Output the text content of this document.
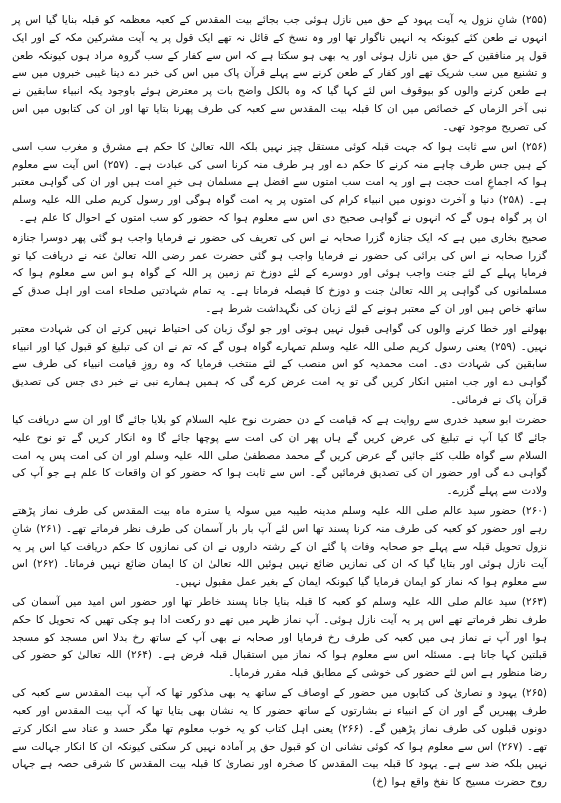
(۲۵۵) شانِ نزول یہ آیت یہود کے حق میں نازل ہوئی جب بجائے بیت المقدس کے کعبہ معظمہ کو قبلہ بنایا گیا اس پر انہوں نے طعن کئے کیونکہ یہ انہیں ناگوار تھا اور وہ نسخ کے قائل نہ تھے ایک قول پر یہ آیت مشرکین مکہ کے اور ایک قول پر منافقین کے حق میں نازل ہوئی اور یہ بھی ہو سکتا ہے کہ اس سے کفار کے سب گروہ مراد ہوں کیونکہ طعن و تشنیع میں سب شریک تھے اور کفار کے طعن کرنے سے پہلے قرآن پاک میں اس کی خبر دے دینا غیبی خبروں میں سے ہے طعن کرنے والوں کو بیوقوف اس لئے کہا گیا کہ وہ بالکل واضح بات پر معترض ہوئے باوجود یکہ انبیاء سابقین نے نبی آخر الزماں کے خصائص میں ان کا قبلہ بیت المقدس سے کعبہ کی طرف پھرنا بتایا تھا اور ان کی کتابوں میں اس کی تصریح موجود تھی۔

(۲۵۶) اس سے ثابت ہوا کہ جہت قبلہ کوئی مستقل چیز نہیں بلکہ اللہ تعالیٰ کا حکم ہے مشرق و مغرب سب اسی کے ہیں جس طرف چاہے منہ کرنے کا حکم دے اور ہر طرف منہ کرنا اسی کی عبادت ہے۔ (۲۵۷) اس آیت سے معلوم ہوا کہ اجماعِ امت حجت ہے اور یہ امت سب امتوں سے افضل ہے مسلمان ہی خیرِ امت ہیں اور ان کی گواہی معتبر ہے۔ (۲۵۸) دنیا و آخرت دونوں میں انبیاء کرام کی امتوں پر یہ امت گواہ ہوگی اور رسول کریم صلی اللہ علیہ وسلم ان پر گواہ ہوں گے کہ انہوں نے گواہی صحیح دی اس سے معلوم ہوا کہ حضور کو سب امتوں کے احوال کا علم ہے۔

صحیح بخاری میں ہے کہ ایک جنازہ گزرا صحابہ نے اس کی تعریف کی حضور نے فرمایا واجب ہو گئی پھر دوسرا جنازہ گزرا صحابہ نے اس کی برائی کی حضور نے فرمایا واجب ہو گئی حضرت عمر رضی اللہ تعالیٰ عنہ نے دریافت کیا تو فرمایا پہلے کے لئے جنت واجب ہوئی اور دوسرے کے لئے دوزخ تم زمین پر اللہ کے گواہ ہو اس سے معلوم ہوا کہ مسلمانوں کی گواہی پر اللہ تعالیٰ جنت و دوزخ کا فیصلہ فرماتا ہے۔ یہ تمام شہادتیں صلحاء امت اور اہل صدق کے ساتھ خاص ہیں اور ان کے معتبر ہونے کے لئے زبان کی نگہداشت شرط ہے۔

بھولنے اور خطا کرنے والوں کی گواہی قبول نہیں ہوتی اور جو لوگ زبان کی احتیاط نہیں کرتے ان کی شہادت معتبر نہیں۔ (۲۵۹) یعنی رسول کریم صلی اللہ علیہ وسلم تمہارے گواہ ہوں گے کہ تم نے ان کی تبلیغ کو قبول کیا اور انبیاء سابقین کی شہادت دی۔ امت محمدیہ کو اس منصب کے لئے منتخب فرمایا کہ وہ روزِ قیامت انبیاء کی طرف سے گواہی دے اور جب امتیں انکار کریں گی تو یہ امت عرض کرے گی کہ ہمیں ہمارے نبی نے خبر دی جس کی تصدیق قرآن پاک نے فرمائی۔

حضرت ابو سعید خدری سے روایت ہے کہ قیامت کے دن حضرت نوح علیہ السلام کو بلایا جائے گا اور ان سے دریافت کیا جائے گا کیا آپ نے تبلیغ کی عرض کریں گے ہاں پھر ان کی امت سے پوچھا جائے گا وہ انکار کریں گے تو نوح علیہ السلام سے گواہ طلب کئے جائیں گے عرض کریں گے محمد مصطفیٰ صلی اللہ علیہ وسلم اور ان کی امت پس یہ امت گواہی دے گی اور حضور ان کی تصدیق فرمائیں گے۔ اس سے ثابت ہوا کہ حضور کو ان واقعات کا علم ہے جو آپ کی ولادت سے پہلے گزرے۔

(۲۶۰) حضور سید عالم صلی اللہ علیہ وسلم مدینہ طیبہ میں سولہ یا سترہ ماہ بیت المقدس کی طرف نماز پڑھتے رہے اور حضور کو کعبہ کی طرف منہ کرنا پسند تھا اس لئے آپ بار بار آسمان کی طرف نظر فرماتے تھے۔ (۲۶۱) شانِ نزول تحویل قبلہ سے پہلے جو صحابہ وفات پا گئے ان کے رشتہ داروں نے ان کی نمازوں کا حکم دریافت کیا اس پر یہ آیت نازل ہوئی اور بتایا گیا کہ ان کی نمازیں ضائع نہیں ہوئیں اللہ تعالیٰ ان کا ایمان ضائع نہیں فرماتا۔ (۲۶۲) اس سے معلوم ہوا کہ نماز کو ایمان فرمایا گیا کیونکہ ایمان کے بغیر عمل مقبول نہیں۔

(۲۶۳) سید عالم صلی اللہ علیہ وسلم کو کعبہ کا قبلہ بنایا جانا پسند خاطر تھا اور حضور اس امید میں آسمان کی طرف نظر فرماتے تھے اس پر یہ آیت نازل ہوئی۔ آپ نماز ظہر میں تھے دو رکعت ادا ہو چکی تھیں کہ تحویل کا حکم ہوا اور آپ نے نماز ہی میں کعبہ کی طرف رخ فرمایا اور صحابہ نے بھی آپ کے ساتھ رخ بدلا اس مسجد کو مسجد قبلتین کہا جاتا ہے۔ مسئلہ اس سے معلوم ہوا کہ نماز میں استقبال قبلہ فرض ہے۔ (۲۶۴) اللہ تعالیٰ کو حضور کی رضا منظور ہے اس لئے حضور کی خوشی کے مطابق قبلہ مقرر فرمایا۔

(۲۶۵) یہود و نصاریٰ کی کتابوں میں حضور کے اوصاف کے ساتھ یہ بھی مذکور تھا کہ آپ بیت المقدس سے کعبہ کی طرف پھیریں گے اور ان کے انبیاء نے بشارتوں کے ساتھ حضور کا یہ نشان بھی بتایا تھا کہ آپ بیت المقدس اور کعبہ دونوں قبلوں کی طرف نماز پڑھیں گے۔ (۲۶۶) یعنی اہل کتاب کو یہ خوب معلوم تھا مگر حسد و عناد سے انکار کرتے تھے۔ (۲۶۷) اس سے معلوم ہوا کہ کوئی نشانی ان کو قبول حق پر آمادہ نہیں کر سکتی کیونکہ ان کا انکار جہالت سے نہیں بلکہ ضد سے ہے۔ یہود کا قبلہ بیت المقدس کا صخرہ اور نصاریٰ کا قبلہ بیت المقدس کا شرقی حصہ ہے جہاں روح حضرت مسیح کا نفخ واقع ہوا (خ)
